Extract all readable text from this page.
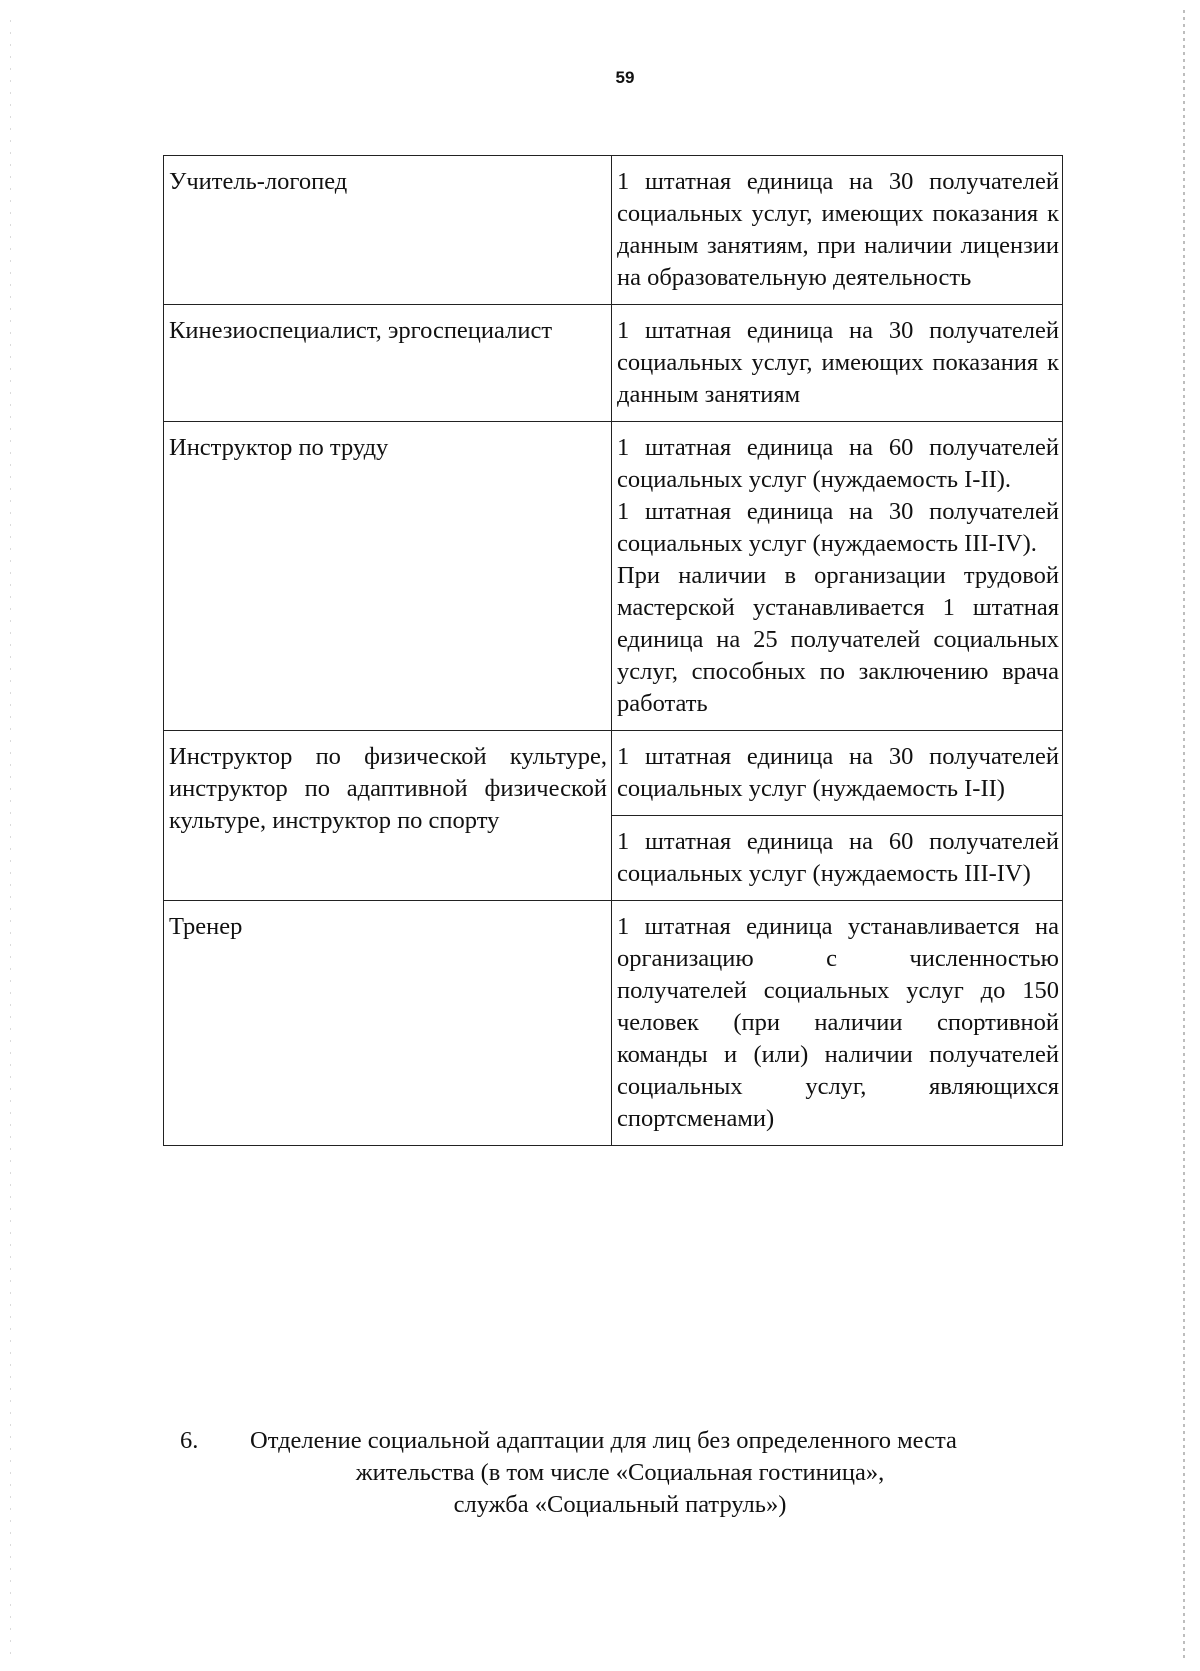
59
Учитель-логопед	1 штатная единица на 30 получателей социальных услуг, имеющих показания к данным занятиям, при наличии лицензии на образовательную деятельность

Кинезиоспециалист, эргоспециалист	1 штатная единица на 30 получателей социальных услуг, имеющих показания к данным занятиям

Инструктор по труду	1 штатная единица на 60 получателей социальных услуг (нуждаемость I-II).
1 штатная единица на 30 получателей социальных услуг (нуждаемость III-IV).
При наличии в организации трудовой мастерской устанавливается 1 штатная единица на 25 получателей социальных услуг, способных по заключению врача работать

Инструктор по физической культуре, инструктор по адаптивной физической культуре, инструктор по спорту	1 штатная единица на 30 получателей социальных услуг (нуждаемость I-II)

	1 штатная единица на 60 получателей социальных услуг (нуждаемость III-IV)

Тренер	1 штатная единица устанавливается на организацию с численностью получателей социальных услуг до 150 человек (при наличии спортивной команды и (или) наличии получателей социальных услуг, являющихся спортсменами)
6. Отделение социальной адаптации для лиц без определенного места
жительства (в том числе «Социальная гостиница»,
служба «Социальный патруль»)
